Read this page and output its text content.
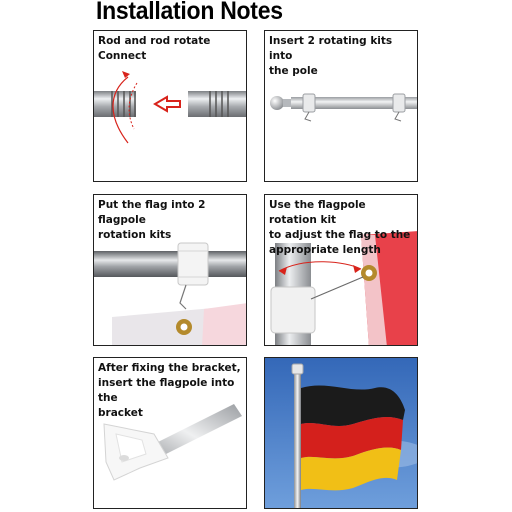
Installation Notes
Rod and rod rotate Connect
Insert 2 rotating kits into
the pole
Put the flag into 2 flagpole
rotation kits
Use the flagpole rotation kit
to adjust the flag to the
appropriate length
After fixing the bracket,
insert the flagpole into the
bracket
